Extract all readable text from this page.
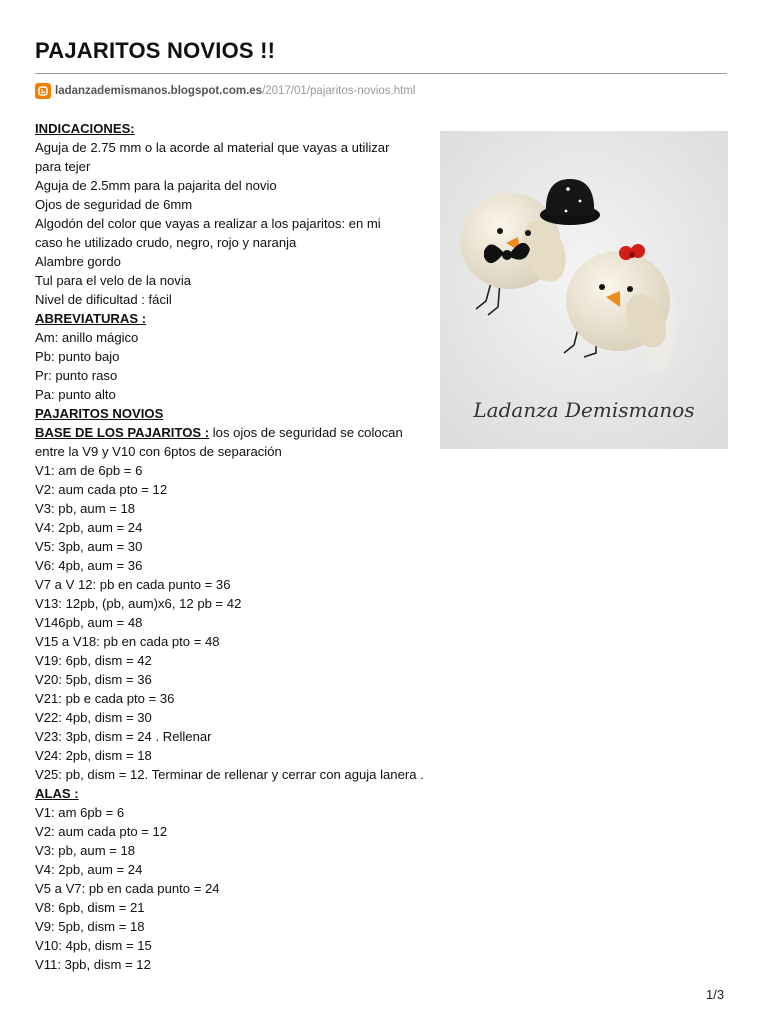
PAJARITOS NOVIOS !!
ladanzademismanos.blogspot.com.es /2017/01/pajaritos-novios.html
INDICACIONES:
Aguja de 2.75 mm o la acorde al material que vayas a utilizar para tejer
Aguja de 2.5mm para la pajarita del novio
Ojos de seguridad de 6mm
Algodón del color que vayas a realizar a los pajaritos: en mi caso he utilizado crudo, negro, rojo y naranja
Alambre gordo
Tul para el velo de la novia
Nivel de dificultad : fácil
ABREVIATURAS :
Am: anillo mágico
Pb: punto bajo
Pr: punto raso
Pa: punto alto
PAJARITOS NOVIOS
BASE DE LOS PAJARITOS : los ojos de seguridad se colocan entre la V9 y V10 con 6ptos de separación
V1: am de 6pb = 6
V2: aum cada pto = 12
V3: pb, aum = 18
V4: 2pb, aum = 24
V5: 3pb, aum = 30
V6: 4pb, aum = 36
V7 a V 12: pb en cada punto = 36
V13: 12pb, (pb, aum)x6, 12 pb = 42
V146pb, aum = 48
V15 a V18: pb en cada pto = 48
V19: 6pb, dism = 42
V20: 5pb, dism = 36
V21: pb e cada pto = 36
V22: 4pb, dism = 30
V23: 3pb, dism = 24 . Rellenar
V24: 2pb, dism = 18
V25: pb, dism = 12. Terminar de rellenar y cerrar con aguja lanera .
ALAS :
V1: am 6pb = 6
V2: aum cada pto = 12
V3: pb, aum = 18
V4: 2pb, aum = 24
V5 a V7: pb en cada punto = 24
V8: 6pb, dism = 21
V9: 5pb, dism = 18
V10: 4pb, dism = 15
V11: 3pb, dism = 12
Ladanza Demismanos
1/3
